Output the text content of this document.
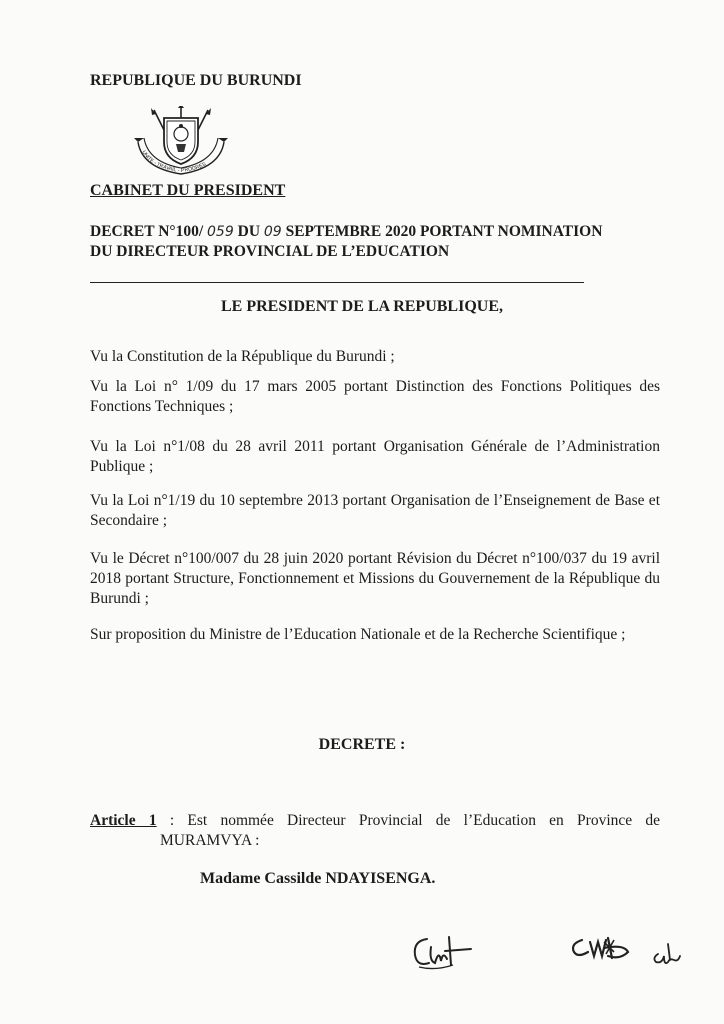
REPUBLIQUE DU BURUNDI
UNITE - TRAVAIL - PROGRES
CABINET DU PRESIDENT
DECRET N°100/ 059 DU 09 SEPTEMBRE 2020 PORTANT NOMINATION
DU DIRECTEUR PROVINCIAL DE L’EDUCATION
LE PRESIDENT DE LA REPUBLIQUE,
Vu la Constitution de la République du Burundi ;
Vu la Loi n° 1/09 du 17 mars 2005 portant Distinction des Fonctions Politiques des Fonctions Techniques ;
Vu la Loi n°1/08 du 28 avril 2011 portant Organisation Générale de l’Administration Publique ;
Vu la Loi n°1/19 du 10 septembre 2013 portant Organisation de l’Enseignement de Base et Secondaire ;
Vu le Décret n°100/007 du 28 juin 2020 portant Révision du Décret n°100/037 du 19 avril 2018 portant Structure, Fonctionnement et Missions du Gouvernement de la République du Burundi ;
Sur proposition du Ministre de l’Education Nationale et de la Recherche Scientifique ;
DECRETE :
Article 1 : Est nommée Directeur Provincial de l’Education en Province de
MURAMVYA :
Madame Cassilde NDAYISENGA.
